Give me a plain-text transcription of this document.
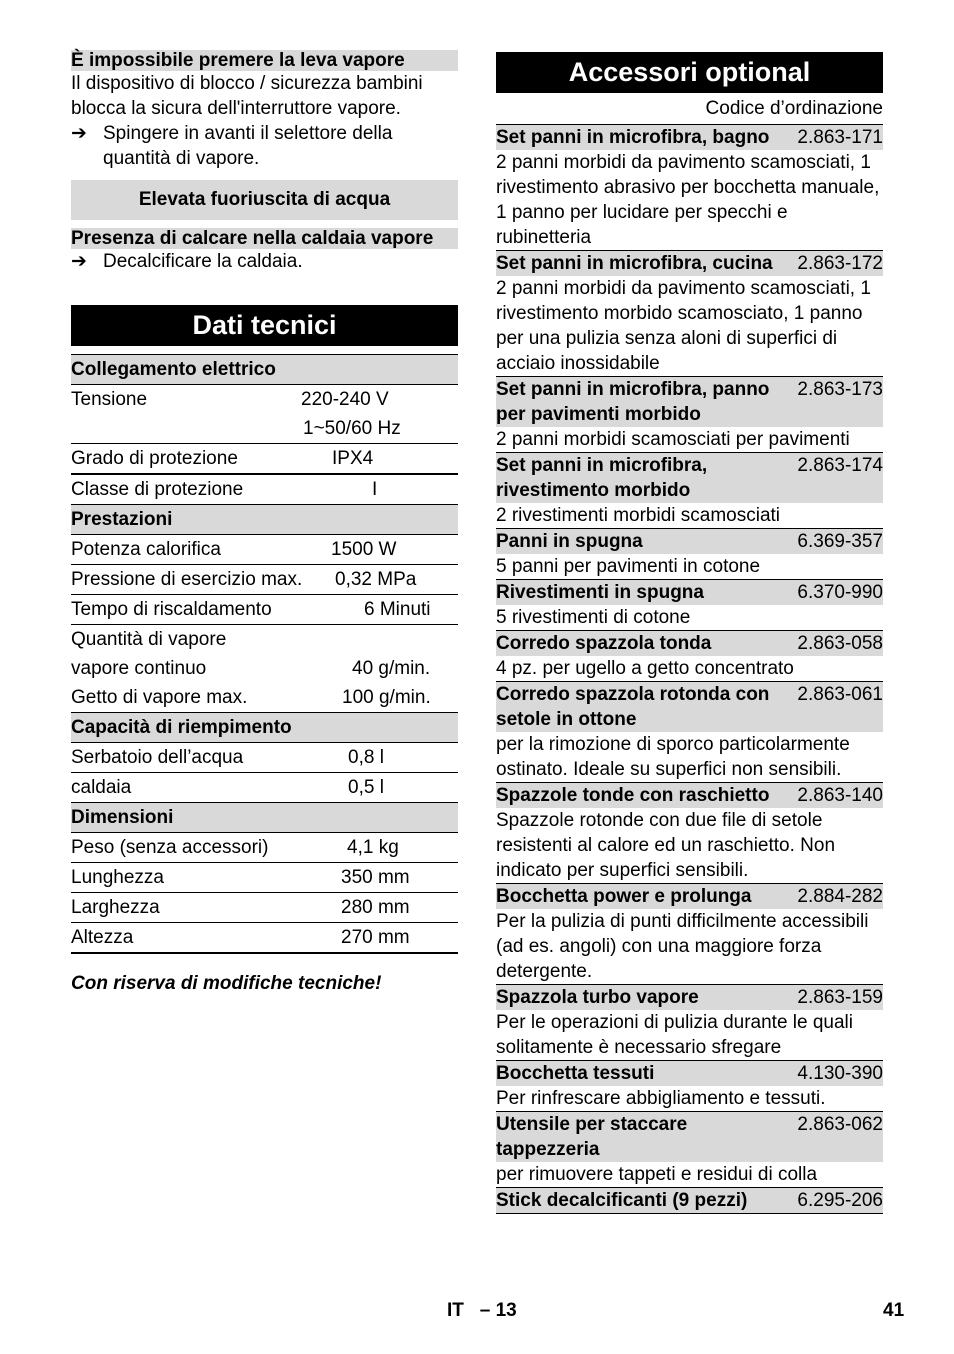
È impossibile premere la leva vapore

Il dispositivo di blocco / sicurezza bambini blocca la sicura dell'interruttore vapore.

➔ Spingere in avanti il selettore della quantità di vapore.
Elevata fuoriuscita di acqua

Presenza di calcare nella caldaia vapore

➔ Decalcificare la caldaia.
Dati tecnici
Collegamento elettrico
Tensione	220-240 V
1~50/60 Hz
Grado di protezione	IPX4
Classe di protezione	I
Prestazioni
Potenza calorifica	1500 W
Pressione di esercizio max.	0,32 MPa
Tempo di riscaldamento	6 Minuti
Quantità di vapore
vapore continuo	40 g/min.
Getto di vapore max.	100 g/min.
Capacità di riempimento
Serbatoio dell’acqua	0,8 l
caldaia	0,5 l
Dimensioni
Peso (senza accessori)	4,1 kg
Lunghezza	350 mm
Larghezza	280 mm
Altezza	270 mm

Con riserva di modifiche tecniche!

Accessori optional

Codice d’ordinazione

Set panni in microfibra, bagno	2.863-171

2 panni morbidi da pavimento scamosciati, 1 rivestimento abrasivo per bocchetta manuale, 1 panno per lucidare per specchi e rubinetteria

Set panni in microfibra, cucina	2.863-172

2 panni morbidi da pavimento scamosciati, 1 rivestimento morbido scamosciato, 1 panno per una pulizia senza aloni di superfici di acciaio inossidabile

Set panni in microfibra, panno per pavimenti morbido
2.863-173

2 panni morbidi scamosciati per pavimenti

Set panni in microfibra, rivestimento morbido
2.863-174

2 rivestimenti morbidi scamosciati

Panni in spugna	6.369-357

5 panni per pavimenti in cotone

Rivestimenti in spugna	6.370-990

5 rivestimenti di cotone

Corredo spazzola tonda	2.863-058

4 pz. per ugello a getto concentrato

Corredo spazzola rotonda con setole in ottone
2.863-061

per la rimozione di sporco particolarmente ostinato. Ideale su superfici non sensibili.

Spazzole tonde con raschietto	2.863-140

Spazzole rotonde con due file di setole resistenti al calore ed un raschietto. Non indicato per superfici sensibili.

Bocchetta power e prolunga	2.884-282

Per la pulizia di punti difficilmente accessibili (ad es. angoli) con una maggiore forza detergente.

Spazzola turbo vapore	2.863-159

Per le operazioni di pulizia durante le quali solitamente è necessario sfregare

Bocchetta tessuti	4.130-390

Per rinfrescare abbigliamento e tessuti.

Utensile per staccare tappezzeria
2.863-062

per rimuovere tappeti e residui di colla

Stick decalcificanti (9 pezzi)	6.295-206
IT – 13	41
